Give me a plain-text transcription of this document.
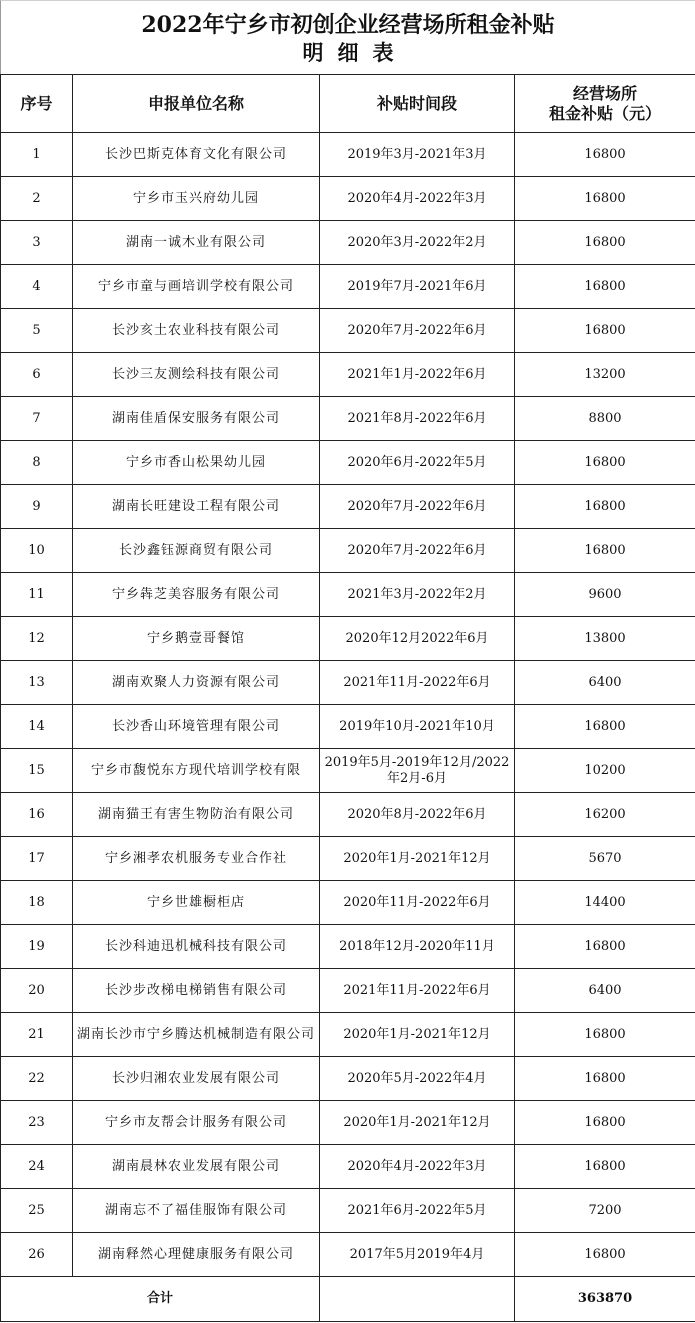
2022年宁乡市初创企业经营场所租金补贴
明细表
序号	申报单位名称	补贴时间段	经营场所
租金补贴（元）

1	长沙巴斯克体育文化有限公司	2019年3月-2021年3月	16800
2	宁乡市玉兴府幼儿园	2020年4月-2022年3月	16800
3	湖南一诚木业有限公司	2020年3月-2022年2月	16800
4	宁乡市童与画培训学校有限公司	2019年7月-2021年6月	16800
5	长沙亥土农业科技有限公司	2020年7月-2022年6月	16800
6	长沙三友测绘科技有限公司	2021年1月-2022年6月	13200
7	湖南佳盾保安服务有限公司	2021年8月-2022年6月	8800
8	宁乡市香山松果幼儿园	2020年6月-2022年5月	16800
9	湖南长旺建设工程有限公司	2020年7月-2022年6月	16800
10	长沙鑫钰源商贸有限公司	2020年7月-2022年6月	16800
11	宁乡犇芝美容服务有限公司	2021年3月-2022年2月	9600
12	宁乡鹅壹哥餐馆	2020年12月2022年6月	13800
13	湖南欢聚人力资源有限公司	2021年11月-2022年6月	6400
14	长沙香山环境管理有限公司	2019年10月-2021年10月	16800
15	宁乡市馥悦东方现代培训学校有限	2019年5月-2019年12月/2022年2月-6月	10200
16	湖南猫王有害生物防治有限公司	2020年8月-2022年6月	16200
17	宁乡湘孝农机服务专业合作社	2020年1月-2021年12月	5670
18	宁乡世雄橱柜店	2020年11月-2022年6月	14400
19	长沙科迪迅机械科技有限公司	2018年12月-2020年11月	16800
20	长沙步改梯电梯销售有限公司	2021年11月-2022年6月	6400
21	湖南长沙市宁乡腾达机械制造有限公司	2020年1月-2021年12月	16800
22	长沙归湘农业发展有限公司	2020年5月-2022年4月	16800
23	宁乡市友帮会计服务有限公司	2020年1月-2021年12月	16800
24	湖南晨林农业发展有限公司	2020年4月-2022年3月	16800
25	湖南忘不了福佳服饰有限公司	2021年6月-2022年5月	7200
26	湖南释然心理健康服务有限公司	2017年5月2019年4月	16800
合计			363870
